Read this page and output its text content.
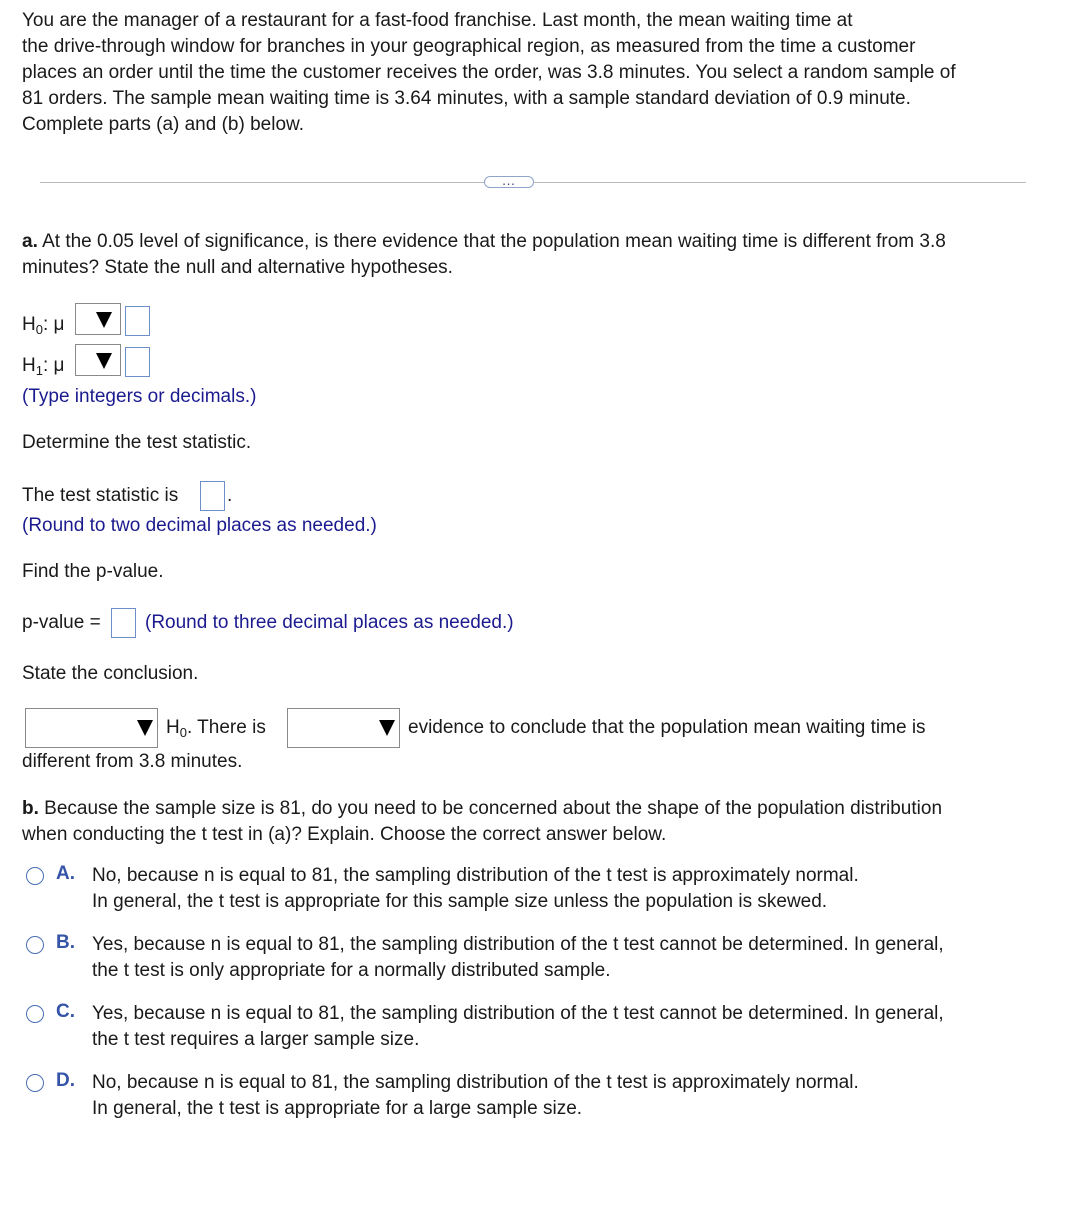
You are the manager of a restaurant for a fast-food franchise. Last month, the mean waiting time at
the drive-through window for branches in your geographical region, as measured from the time a customer
places an order until the time the customer receives the order, was 3.8 minutes. You select a random sample of
81 orders. The sample mean waiting time is 3.64 minutes, with a sample standard deviation of 0.9 minute.
Complete parts (a) and (b) below.
…
a. At the 0.05 level of significance, is there evidence that the population mean waiting time is different from 3.8
minutes? State the null and alternative hypotheses.
$H_0$: μ
$H_1$: μ
(Type integers or decimals.)
Determine the test statistic.
The test statistic is	.
(Round to two decimal places as needed.)
Find the p-value.
p-value = (Round to three decimal places as needed.)
State the conclusion.
$H_0$. There is	evidence to conclude that the population mean waiting time is
different from 3.8 minutes.
b. Because the sample size is 81, do you need to be concerned about the shape of the population distribution
when conducting the t test in (a)? Explain. Choose the correct answer below.
A. No, because n is equal to 81, the sampling distribution of the t test is approximately normal.
In general, the t test is appropriate for this sample size unless the population is skewed.
B. Yes, because n is equal to 81, the sampling distribution of the t test cannot be determined. In general,
the t test is only appropriate for a normally distributed sample.
C. Yes, because n is equal to 81, the sampling distribution of the t test cannot be determined. In general,
the t test requires a larger sample size.
D. No, because n is equal to 81, the sampling distribution of the t test is approximately normal.
In general, the t test is appropriate for a large sample size.
